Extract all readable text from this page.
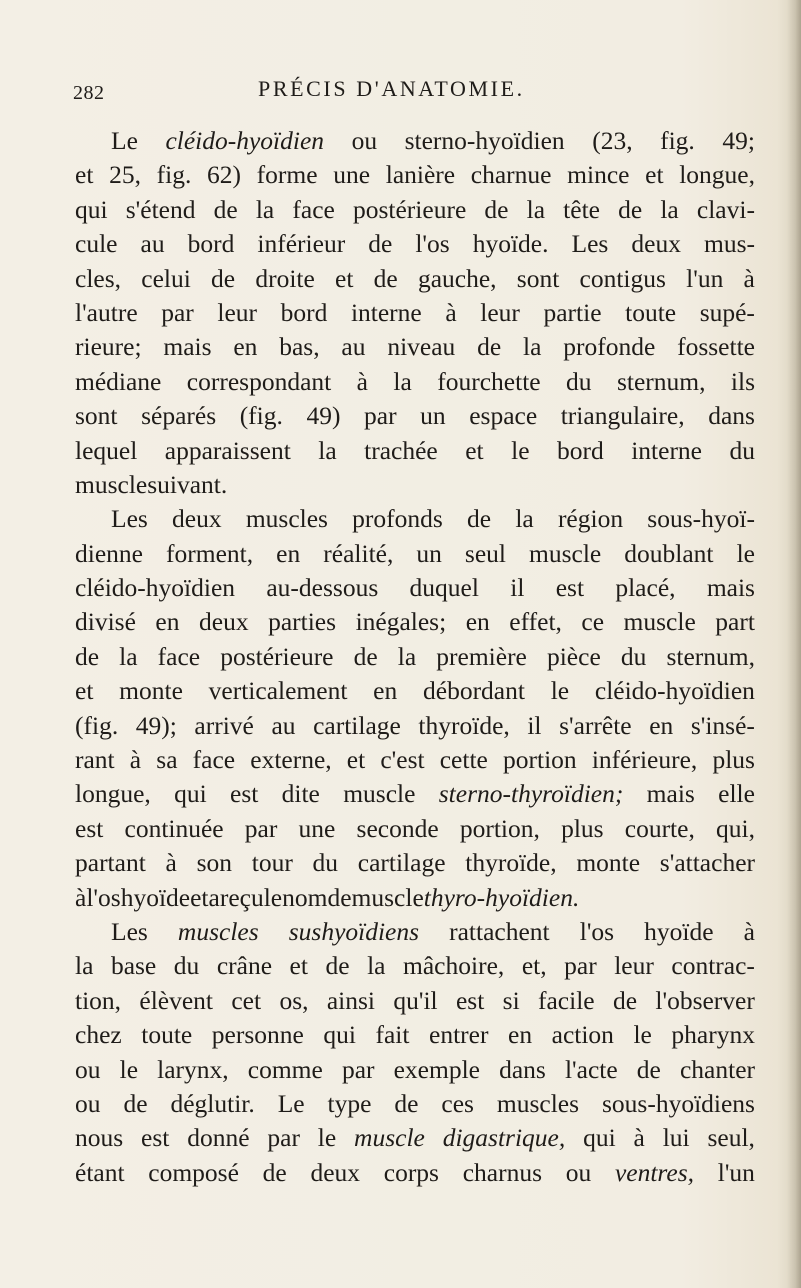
282	PRÉCIS D'ANATOMIE.
Le cléido-hyoïdien ou sterno-hyoïdien (23, fig. 49;
et 25, fig. 62) forme une lanière charnue mince et longue,
qui s'étend de la face postérieure de la tête de la clavi-
cule au bord inférieur de l'os hyoïde. Les deux mus-
cles, celui de droite et de gauche, sont contigus l'un à
l'autre par leur bord interne à leur partie toute supé-
rieure; mais en bas, au niveau de la profonde fossette
médiane correspondant à la fourchette du sternum, ils
sont séparés (fig. 49) par un espace triangulaire, dans
lequel apparaissent la trachée et le bord interne du
muscle suivant.
Les deux muscles profonds de la région sous-hyoï-
dienne forment, en réalité, un seul muscle doublant le
cléido-hyoïdien au-dessous duquel il est placé, mais
divisé en deux parties inégales; en effet, ce muscle part
de la face postérieure de la première pièce du sternum,
et monte verticalement en débordant le cléido-hyoïdien
(fig. 49); arrivé au cartilage thyroïde, il s'arrête en s'insé-
rant à sa face externe, et c'est cette portion inférieure, plus
longue, qui est dite muscle sterno-thyroïdien; mais elle
est continuée par une seconde portion, plus courte, qui,
partant à son tour du cartilage thyroïde, monte s'attacher
à l'os hyoïde et a reçu le nom de muscle thyro-hyoïdien.
Les muscles sushyoïdiens rattachent l'os hyoïde à
la base du crâne et de la mâchoire, et, par leur contrac-
tion, élèvent cet os, ainsi qu'il est si facile de l'observer
chez toute personne qui fait entrer en action le pharynx
ou le larynx, comme par exemple dans l'acte de chanter
ou de déglutir. Le type de ces muscles sous-hyoïdiens
nous est donné par le muscle digastrique, qui à lui seul,
étant composé de deux corps charnus ou ventres, l'un
